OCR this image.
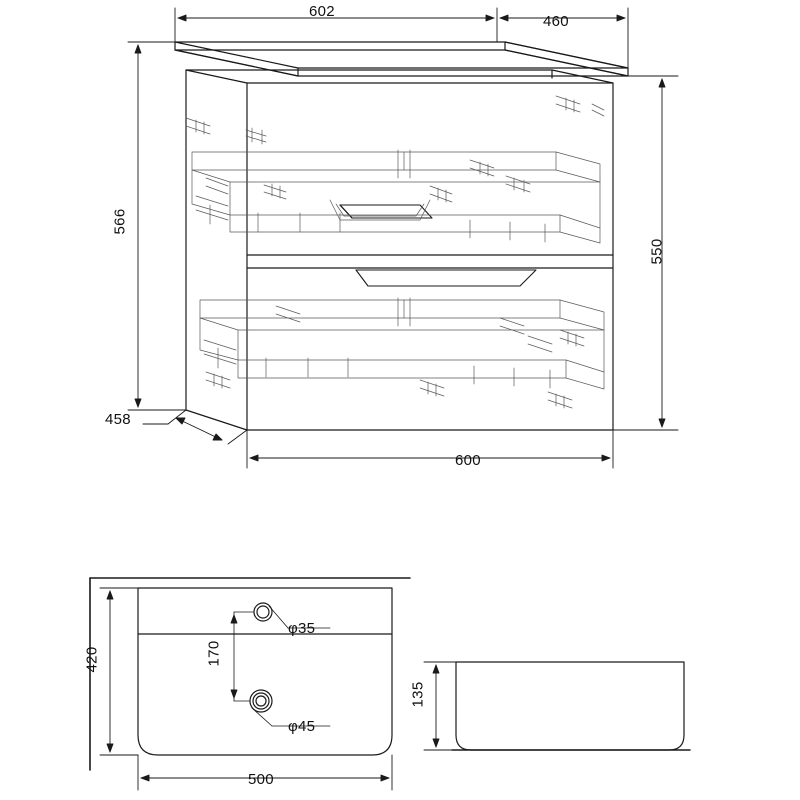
602
460
566
550
458
600
420
500
170
φ35
φ45
135
